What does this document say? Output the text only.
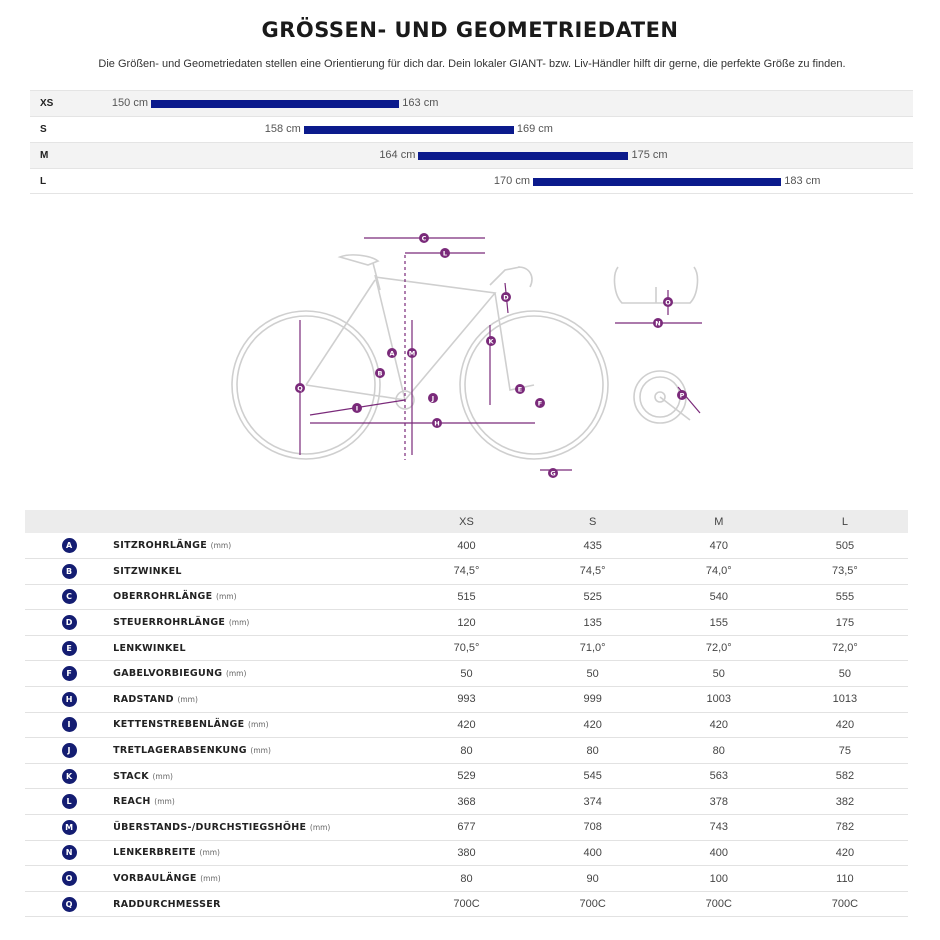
GRÖSSEN- UND GEOMETRIEDATEN

Die Größen- und Geometriedaten stellen eine Orientierung für dich dar. Dein lokaler GIANT- bzw. Liv-Händler hilft dir gerne, die perfekte Größe zu finden.

XS	150 cm	163 cm
S	158 cm	169 cm
M	164 cm	175 cm
L	170 cm	183 cm
A
B
C
D
E
F
G
H
I
J
K
L
M
N
O
P
Q
		XS	S	M	L
A	SITZROHRLÄNGE (mm)	400	435	470	505
B	SITZWINKEL	74,5°	74,5°	74,0°	73,5°
C	OBERROHRLÄNGE (mm)	515	525	540	555
D	STEUERROHRLÄNGE (mm)	120	135	155	175
E	LENKWINKEL	70,5°	71,0°	72,0°	72,0°
F	GABELVORBIEGUNG (mm)	50	50	50	50
H	RADSTAND (mm)	993	999	1003	1013
I	KETTENSTREBENLÄNGE (mm)	420	420	420	420
J	TRETLAGERABSENKUNG (mm)	80	80	80	75
K	STACK (mm)	529	545	563	582
L	REACH (mm)	368	374	378	382
M	ÜBERSTANDS-/DURCHSTIEGSHÖHE (mm)	677	708	743	782
N	LENKERBREITE (mm)	380	400	400	420
O	VORBAULÄNGE (mm)	80	90	100	110
Q	RADDURCHMESSER	700C	700C	700C	700C
